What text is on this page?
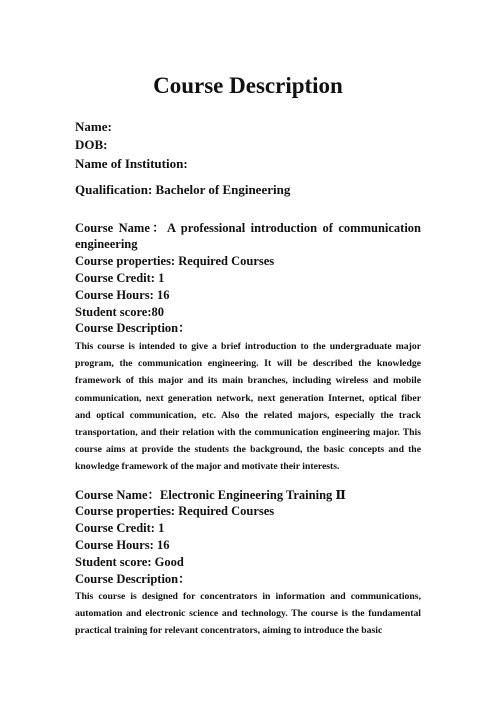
Course Description
Name:
DOB:
Name of Institution:
Qualification: Bachelor of Engineering
Course Name：A professional introduction of communication
engineering
Course properties: Required Courses
Course Credit: 1
Course Hours: 16
Student score:80
Course Description：
This course is intended to give a brief introduction to the undergraduate major program, the communication engineering. It will be described the knowledge framework of this major and its main branches, including wireless and mobile communication, next generation network, next generation Internet, optical fiber and optical communication, etc. Also the related majors, especially the track transportation, and their relation with the communication engineering major. This course aims at provide the students the background, the basic concepts and the knowledge framework of the major and motivate their interests.
Course Name：Electronic Engineering Training Ⅱ
Course properties: Required Courses
Course Credit: 1
Course Hours: 16
Student score: Good
Course Description：
This course is designed for concentrators in information and communications, automation and electronic science and technology. The course is the fundamental practical training for relevant concentrators, aiming to introduce the basic
